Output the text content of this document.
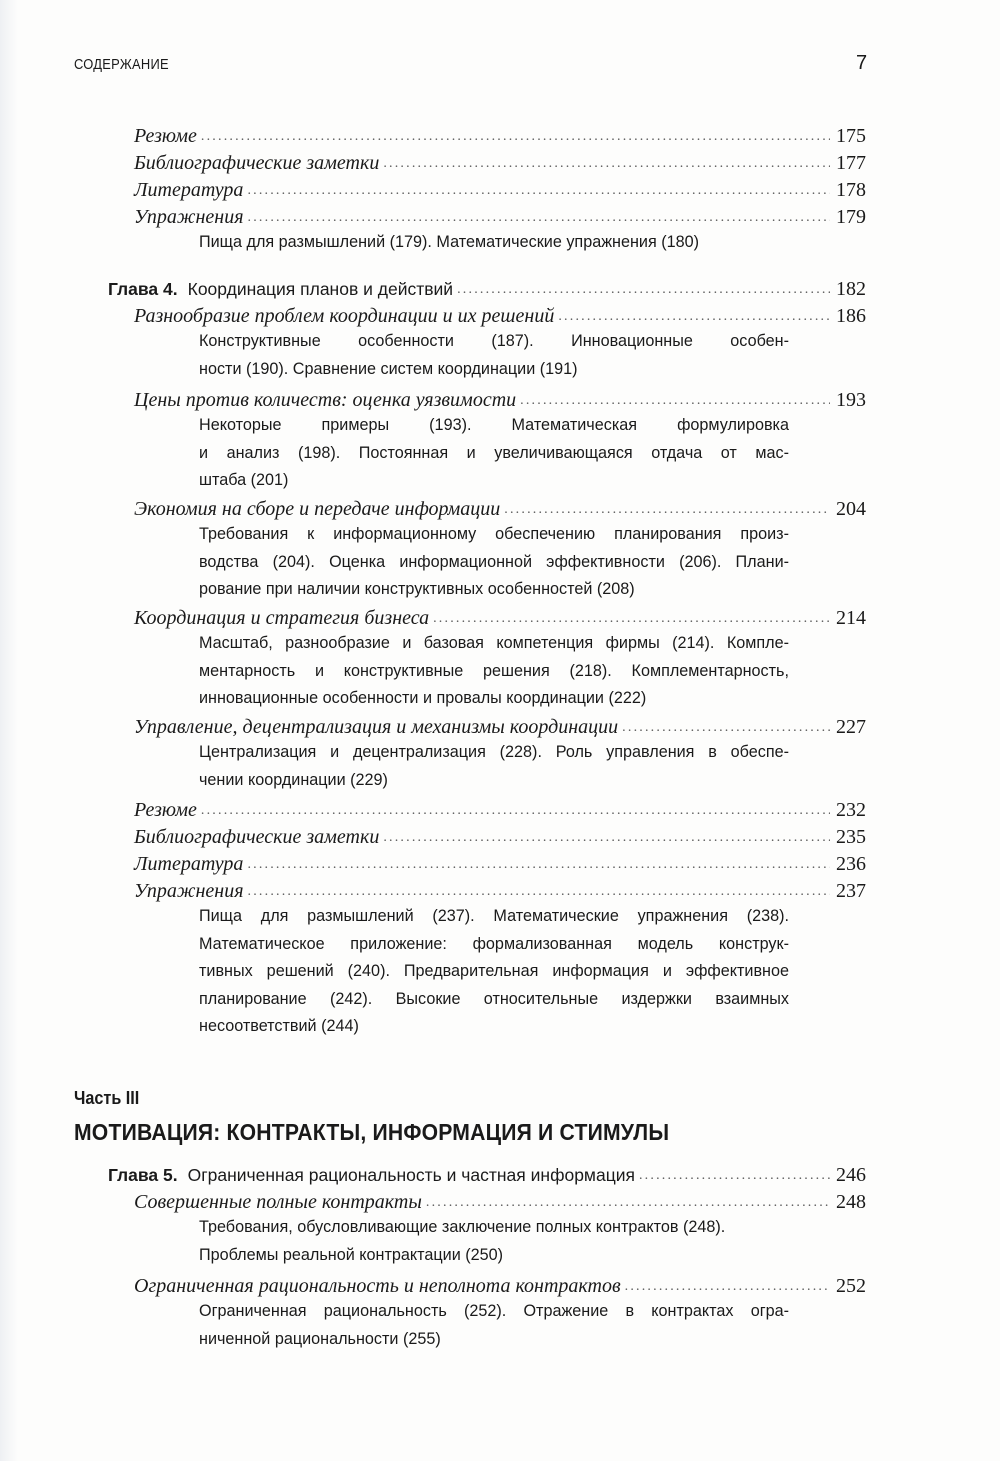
СОДЕРЖАНИЕ	7
Резюме .....	175
Библиографические заметки .....	177
Литература .....	178
Упражнения .....	179
Пища для размышлений (179). Математические упражнения (180)
Глава 4. Координация планов и действий .....	182
Разнообразие проблем координации и их решений .....	186
Конструктивные особенности (187). Инновационные особен-
ности (190). Сравнение систем координации (191)
Цены против количеств: оценка уязвимости .....	193
Некоторые примеры (193). Математическая формулировка
и анализ (198). Постоянная и увеличивающаяся отдача от мас-
штаба (201)
Экономия на сборе и передаче информации .....	204
Требования к информационному обеспечению планирования произ-
водства (204). Оценка информационной эффективности (206). Плани-
рование при наличии конструктивных особенностей (208)
Координация и стратегия бизнеса .....	214
Масштаб, разнообразие и базовая компетенция фирмы (214). Компле-
ментарность и конструктивные решения (218). Комплементарность,
инновационные особенности и провалы координации (222)
Управление, децентрализация и механизмы координации .....	227
Централизация и децентрализация (228). Роль управления в обеспе-
чении координации (229)
Резюме .....	232
Библиографические заметки .....	235
Литература .....	236
Упражнения .....	237
Пища для размышлений (237). Математические упражнения (238).
Математическое приложение: формализованная модель конструк-
тивных решений (240). Предварительная информация и эффективное
планирование (242). Высокие относительные издержки взаимных
несоответствий (244)
Часть III
МОТИВАЦИЯ: КОНТРАКТЫ, ИНФОРМАЦИЯ И СТИМУЛЫ
Глава 5. Ограниченная рациональность и частная информация .....	246
Совершенные полные контракты .....	248
Требования, обусловливающие заключение полных контрактов (248).
Проблемы реальной контрактации (250)
Ограниченная рациональность и неполнота контрактов .....	252
Ограниченная рациональность (252). Отражение в контрактах огра-
ниченной рациональности (255)
